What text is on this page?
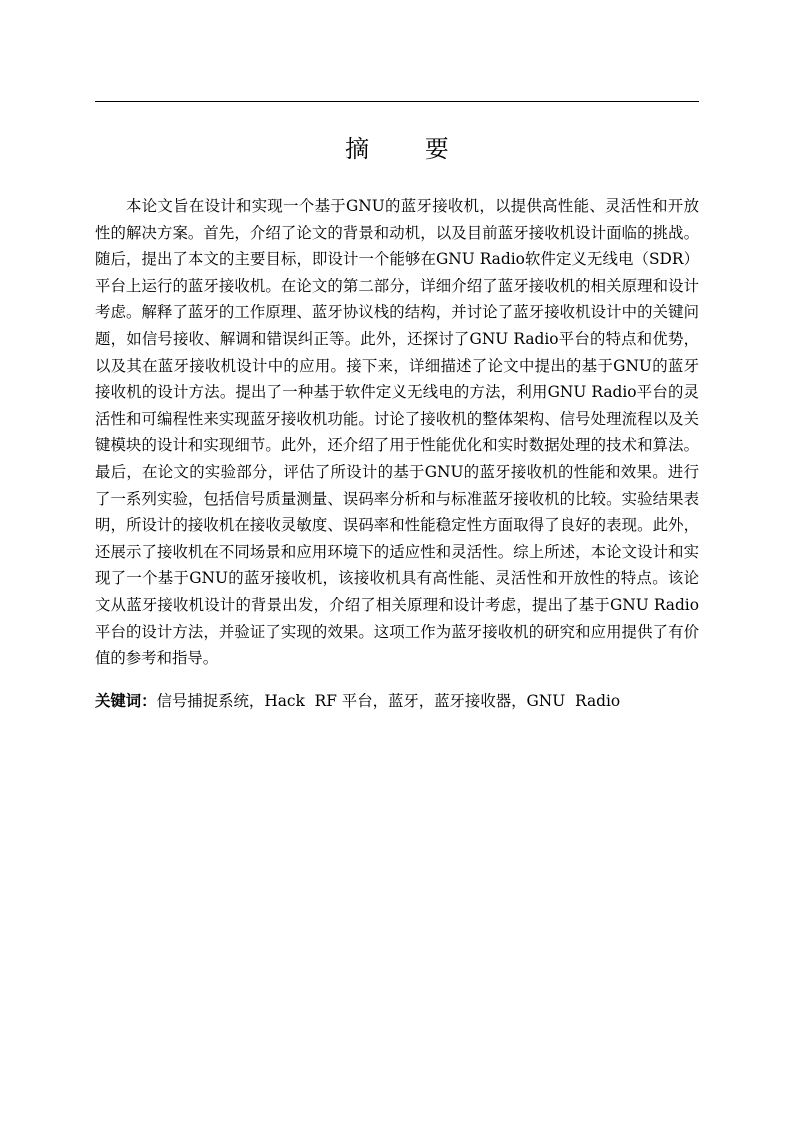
摘 要

本论文旨在设计和实现一个基于GNU的蓝牙接收机，以提供高性能、灵活性和开放性的解决方案。首先，介绍了论文的背景和动机，以及目前蓝牙接收机设计面临的挑战。随后，提出了本文的主要目标，即设计一个能够在GNU Radio软件定义无线电（SDR）平台上运行的蓝牙接收机。在论文的第二部分，详细介绍了蓝牙接收机的相关原理和设计考虑。解释了蓝牙的工作原理、蓝牙协议栈的结构，并讨论了蓝牙接收机设计中的关键问题，如信号接收、解调和错误纠正等。此外，还探讨了GNU Radio平台的特点和优势，以及其在蓝牙接收机设计中的应用。接下来，详细描述了论文中提出的基于GNU的蓝牙接收机的设计方法。提出了一种基于软件定义无线电的方法，利用GNU Radio平台的灵活性和可编程性来实现蓝牙接收机功能。讨论了接收机的整体架构、信号处理流程以及关键模块的设计和实现细节。此外，还介绍了用于性能优化和实时数据处理的技术和算法。最后，在论文的实验部分，评估了所设计的基于GNU的蓝牙接收机的性能和效果。进行了一系列实验，包括信号质量测量、误码率分析和与标准蓝牙接收机的比较。实验结果表明，所设计的接收机在接收灵敏度、误码率和性能稳定性方面取得了良好的表现。此外，还展示了接收机在不同场景和应用环境下的适应性和灵活性。综上所述，本论文设计和实现了一个基于GNU的蓝牙接收机，该接收机具有高性能、灵活性和开放性的特点。该论文从蓝牙接收机设计的背景出发，介绍了相关原理和设计考虑，提出了基于GNU Radio平台的设计方法，并验证了实现的效果。这项工作为蓝牙接收机的研究和应用提供了有价值的参考和指导。

关键词：信号捕捉系统，Hack  RF 平台，蓝牙，蓝牙接收器，GNU  Radio
